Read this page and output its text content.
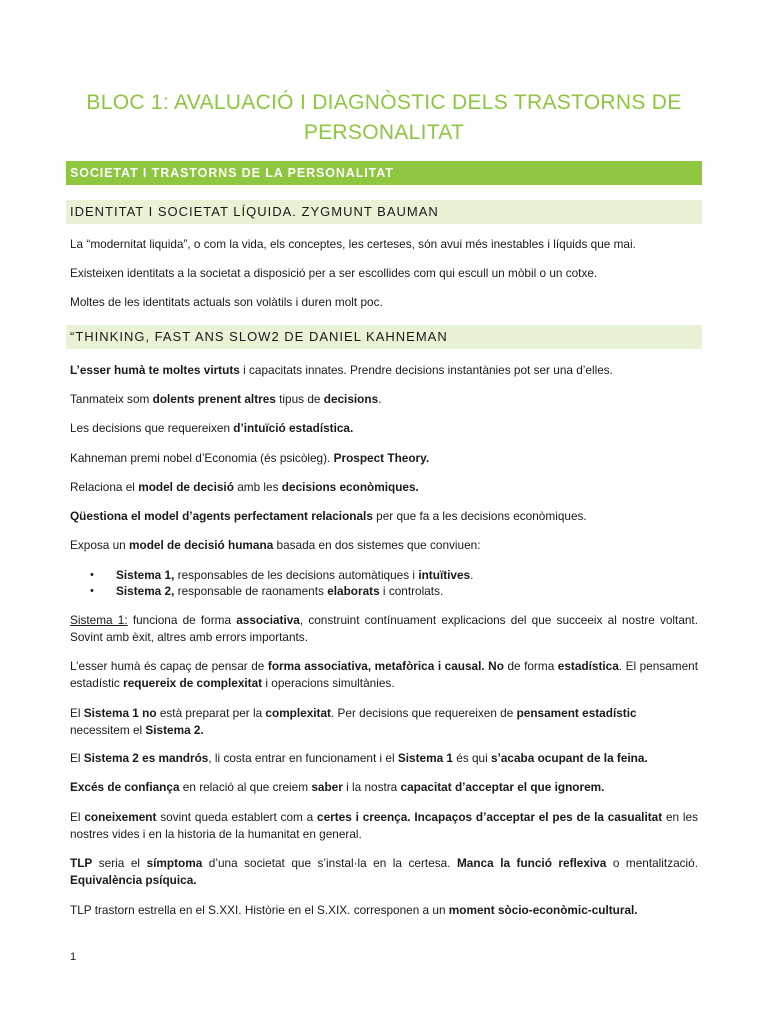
BLOC 1: AVALUACIÓ I DIAGNÒSTIC DELS TRASTORNS DE PERSONALITAT
SOCIETAT I TRASTORNS DE LA PERSONALITAT
IDENTITAT I SOCIETAT LÍQUIDA. ZYGMUNT BAUMAN

La “modernitat liquida”, o com la vida, els conceptes, les certeses, són avui més inestables i líquids que mai.

Existeixen identitats a la societat a disposició per a ser escollides com qui escull un mòbil o un cotxe.

Moltes de les identitats actuals son volàtils i duren molt poc.

“THINKING, FAST ANS SLOW2 DE DANIEL KAHNEMAN

L’esser humà te moltes virtuts i capacitats innates. Prendre decisions instantànies pot ser una d’elles.

Tanmateix som dolents prenent altres tipus de decisions.

Les decisions que requereixen d’intuïció estadística.

Kahneman premi nobel d’Economia (és psicòleg). Prospect Theory.

Relaciona el model de decisió amb les decisions econòmiques.

Qüestiona el model d’agents perfectament relacionals per que fa a les decisions econòmiques.

Exposa un model de decisió humana basada en dos sistemes que conviuen:

• Sistema 1, responsables de les decisions automàtiques i intuïtives.
• Sistema 2, responsable de raonaments elaborats i controlats.

Sistema 1: funciona de forma associativa, construint contínuament explicacions del que succeeix al nostre voltant. Sovint amb èxit, altres amb errors importants.

L’esser humà és capaç de pensar de forma associativa, metafòrica i causal. No de forma estadística. El pensament estadístic requereix de complexitat i operacions simultànies.

El Sistema 1 no està preparat per la complexitat. Per decisions que requereixen de pensament estadístic necessitem el Sistema 2.

El Sistema 2 es mandrós, li costa entrar en funcionament i el Sistema 1 és qui s’acaba ocupant de la feina.

Excés de confiança en relació al que creiem saber i la nostra capacitat d’acceptar el que ignorem.

El coneixement sovint queda establert com a certes i creença. Incapaços d’acceptar el pes de la casualitat en les nostres vides i en la historia de la humanitat en general.

TLP seria el símptoma d’una societat que s’instal·la en la certesa. Manca la funció reflexiva o mentalització. Equivalència psíquica.

TLP trastorn estrella en el S.XXI. Històrie en el S.XIX. corresponen a un moment sòcio-econòmic-cultural.

1
